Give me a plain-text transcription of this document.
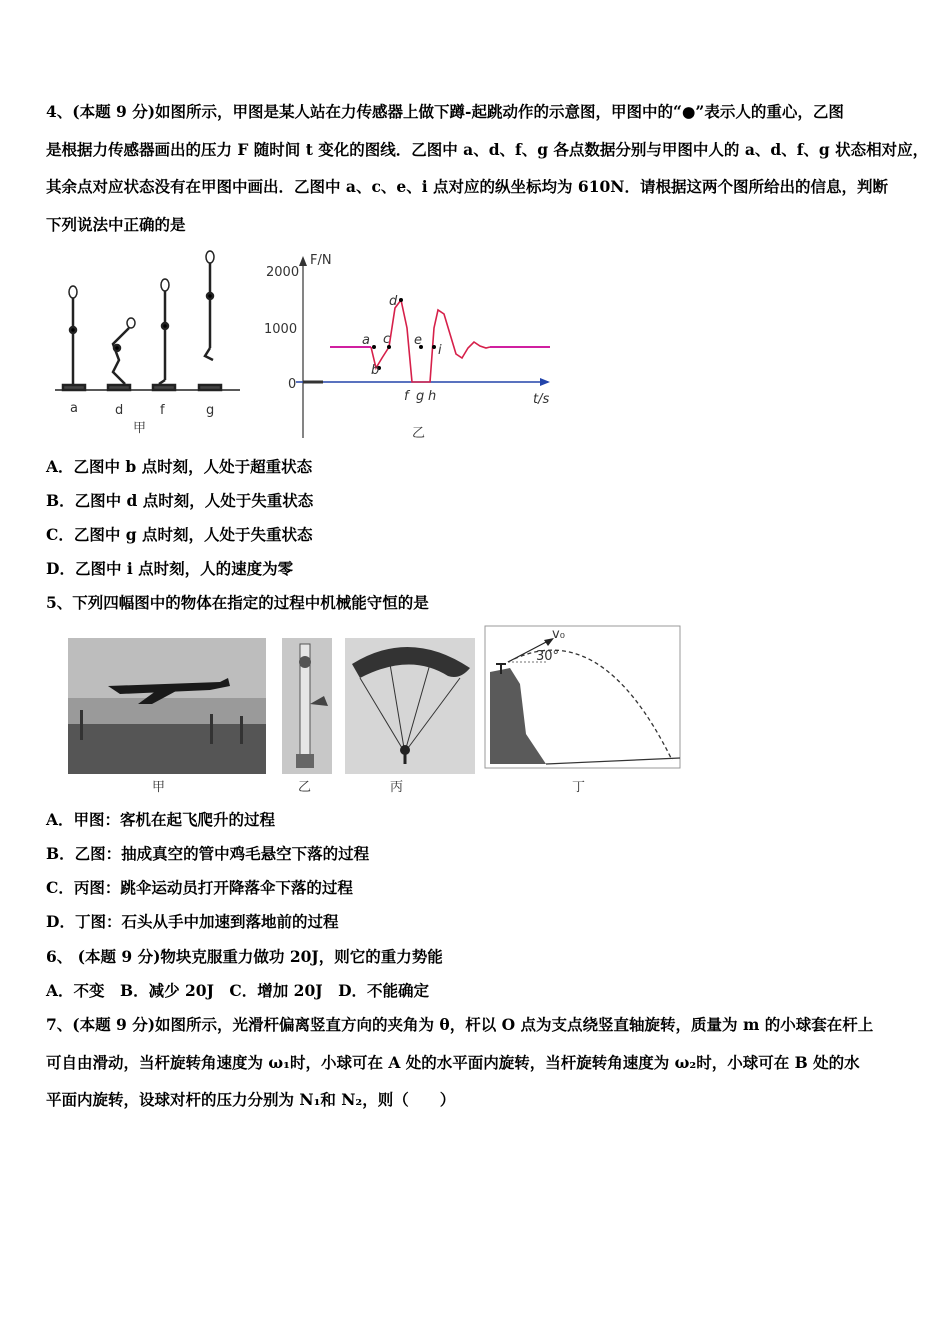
4、(本题 9 分)如图所示，甲图是某人站在力传感器上做下蹲-起跳动作的示意图，甲图中的“●”表示人的重心，乙图
是根据力传感器画出的压力 F 随时间 t 变化的图线．乙图中 a、d、f、g 各点数据分别与甲图中人的 a、d、f、g 状态相对应，
其余点对应状态没有在甲图中画出．乙图中 a、c、e、i 点对应的纵坐标均为 610N．请根据这两个图所给出的信息，判断
下列说法中正确的是
a	d	f	g
甲
F/N
t/s
2000
1000
0
a
b
c
d
e
i
f g h
乙
A．乙图中 b 点时刻，人处于超重状态
B．乙图中 d 点时刻，人处于失重状态
C．乙图中 g 点时刻，人处于失重状态
D．乙图中 i 点时刻，人的速度为零
5、下列四幅图中的物体在指定的过程中机械能守恒的是
30°
v₀
甲	乙	丙	丁
A．甲图：客机在起飞爬升的过程
B．乙图：抽成真空的管中鸡毛悬空下落的过程
C．丙图：跳伞运动员打开降落伞下落的过程
D．丁图：石头从手中加速到落地前的过程
6、 (本题 9 分)物块克服重力做功 20J，则它的重力势能
A．不变　B．减少 20J　C．增加 20J　D．不能确定
7、(本题 9 分)如图所示，光滑杆偏离竖直方向的夹角为 θ，杆以 O 点为支点绕竖直轴旋转，质量为 m 的小球套在杆上
可自由滑动，当杆旋转角速度为 ω₁时，小球可在 A 处的水平面内旋转，当杆旋转角速度为 ω₂时，小球可在 B 处的水
平面内旋转，设球对杆的压力分别为 N₁和 N₂，则（　　）
